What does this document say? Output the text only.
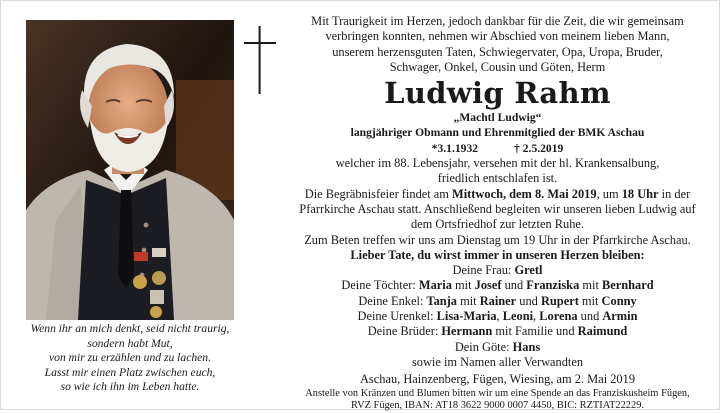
Wenn ihr an mich denkt, seid nicht traurig,
sondern habt Mut,
von mir zu erzählen und zu lachen.
Lasst mir einen Platz zwischen euch,
so wie ich ihn im Leben hatte.
Mit Traurigkeit im Herzen, jedoch dankbar für die Zeit, die wir gemeinsam
verbringen konnten, nehmen wir Abschied von meinem lieben Mann,
unserem herzensguten Taten, Schwiegervater, Opa, Uropa, Bruder,
Schwager, Onkel, Cousin und Göten, Herm
Ludwig Rahm
„Machtl Ludwig“
langjähriger Obmann und Ehrenmitglied der BMK Aschau
*3.1.1932	† 2.5.2019
welcher im 88. Lebensjahr, versehen mit der hl. Krankensalbung,
friedlich entschlafen ist.
Die Begräbnisfeier findet am Mittwoch, dem 8. Mai 2019, um 18 Uhr in der
Pfarrkirche Aschau statt. Anschließend begleiten wir unseren lieben Ludwig auf
dem Ortsfriedhof zur letzten Ruhe.
Zum Beten treffen wir uns am Dienstag um 19 Uhr in der Pfarrkirche Aschau.
Lieber Tate, du wirst immer in unseren Herzen bleiben:
Deine Frau: Gretl
Deine Töchter: Maria mit Josef und Franziska mit Bernhard
Deine Enkel: Tanja mit Rainer und Rupert mit Conny
Deine Urenkel: Lisa-Maria, Leoni, Lorena und Armin
Deine Brüder: Hermann mit Familie und Raimund
Dein Göte: Hans
sowie im Namen aller Verwandten
Aschau, Hainzenberg, Fügen, Wiesing, am 2. Mai 2019
Anstelle von Kränzen und Blumen bitten wir um eine Spende an das Franziskusheim Fügen,
RVZ Fügen, IBAN: AT18 3622 9000 0007 4450, BIC: RZTIAT22229.
